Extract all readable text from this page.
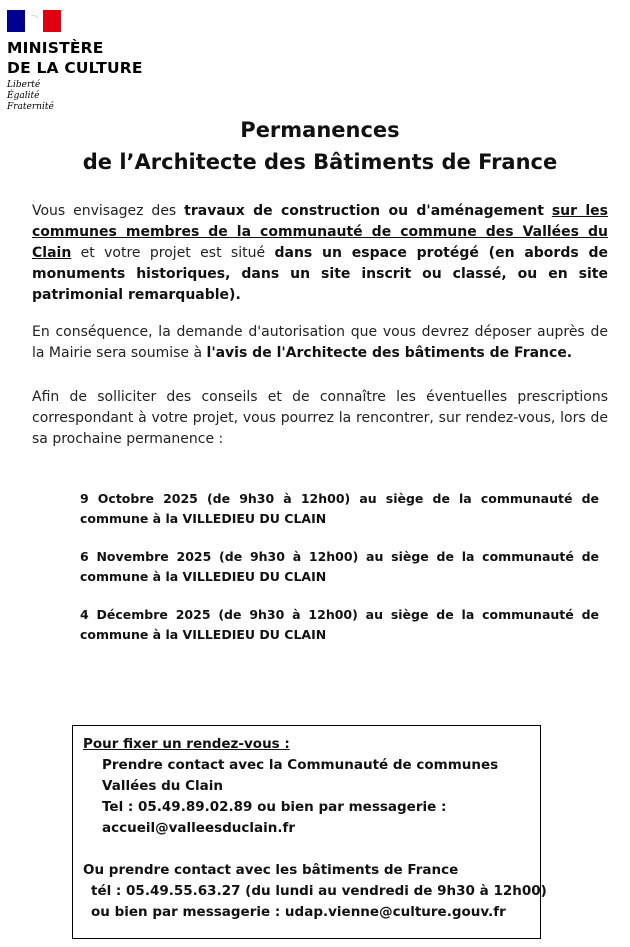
MINISTÈRE
DE LA CULTURE
Liberté
Égalité
Fraternité
Permanences
de l’Architecte des Bâtiments de France
Vous envisagez des travaux de construction ou d'aménagement sur les communes membres de la communauté de commune des Vallées du Clain et votre projet est situé dans un espace protégé (en abords de monuments historiques, dans un site inscrit ou classé, ou en site patrimonial remarquable).
En conséquence, la demande d'autorisation que vous devrez déposer auprès de la Mairie sera soumise à l'avis de l'Architecte des bâtiments de France.
Afin de solliciter des conseils et de connaître les éventuelles prescriptions correspondant à votre projet, vous pourrez la rencontrer, sur rendez-vous, lors de sa prochaine permanence :
9 Octobre 2025 (de 9h30 à 12h00) au siège de la communauté de commune à la VILLEDIEU DU CLAIN
6 Novembre 2025 (de 9h30 à 12h00) au siège de la communauté de commune à la VILLEDIEU DU CLAIN
4 Décembre 2025 (de 9h30 à 12h00) au siège de la communauté de commune à la VILLEDIEU DU CLAIN
Pour fixer un rendez-vous :
Prendre contact avec la Communauté de communes
Vallées du Clain
Tel : 05.49.89.02.89 ou bien par messagerie :
accueil@valleesduclain.fr
Ou prendre contact avec les bâtiments de France
tél : 05.49.55.63.27 (du lundi au vendredi de 9h30 à 12h00)
ou bien par messagerie : udap.vienne@culture.gouv.fr
